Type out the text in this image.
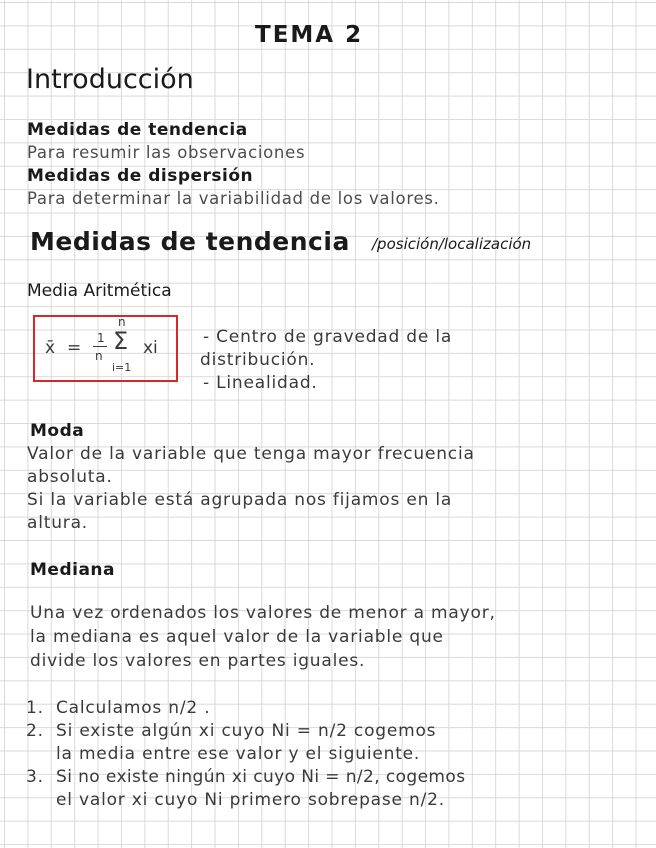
TEMA 2
Introducción
Medidas de tendencia
Para resumir las observaciones
Medidas de dispersión
Para determinar la variabilidad de los valores.
Medidas de tendencia /posición/localización
Media Aritmética
x̄ = 1
n
n
Σ
i=1
xi
- Centro de gravedad de la
distribución.
- Linealidad.
Moda
Valor de la variable que tenga mayor frecuencia
absoluta.
Si la variable está agrupada nos fijamos en la
altura.
Mediana
Una vez ordenados los valores de menor a mayor,
la mediana es aquel valor de la variable que
divide los valores en partes iguales.
1. Calculamos n/2 .
2. Si existe algún xi cuyo Ni = n/2 cogemos
la media entre ese valor y el siguiente.
3. Si no existe ningún xi cuyo Ni = n/2, cogemos
el valor xi cuyo Ni primero sobrepase n/2.
